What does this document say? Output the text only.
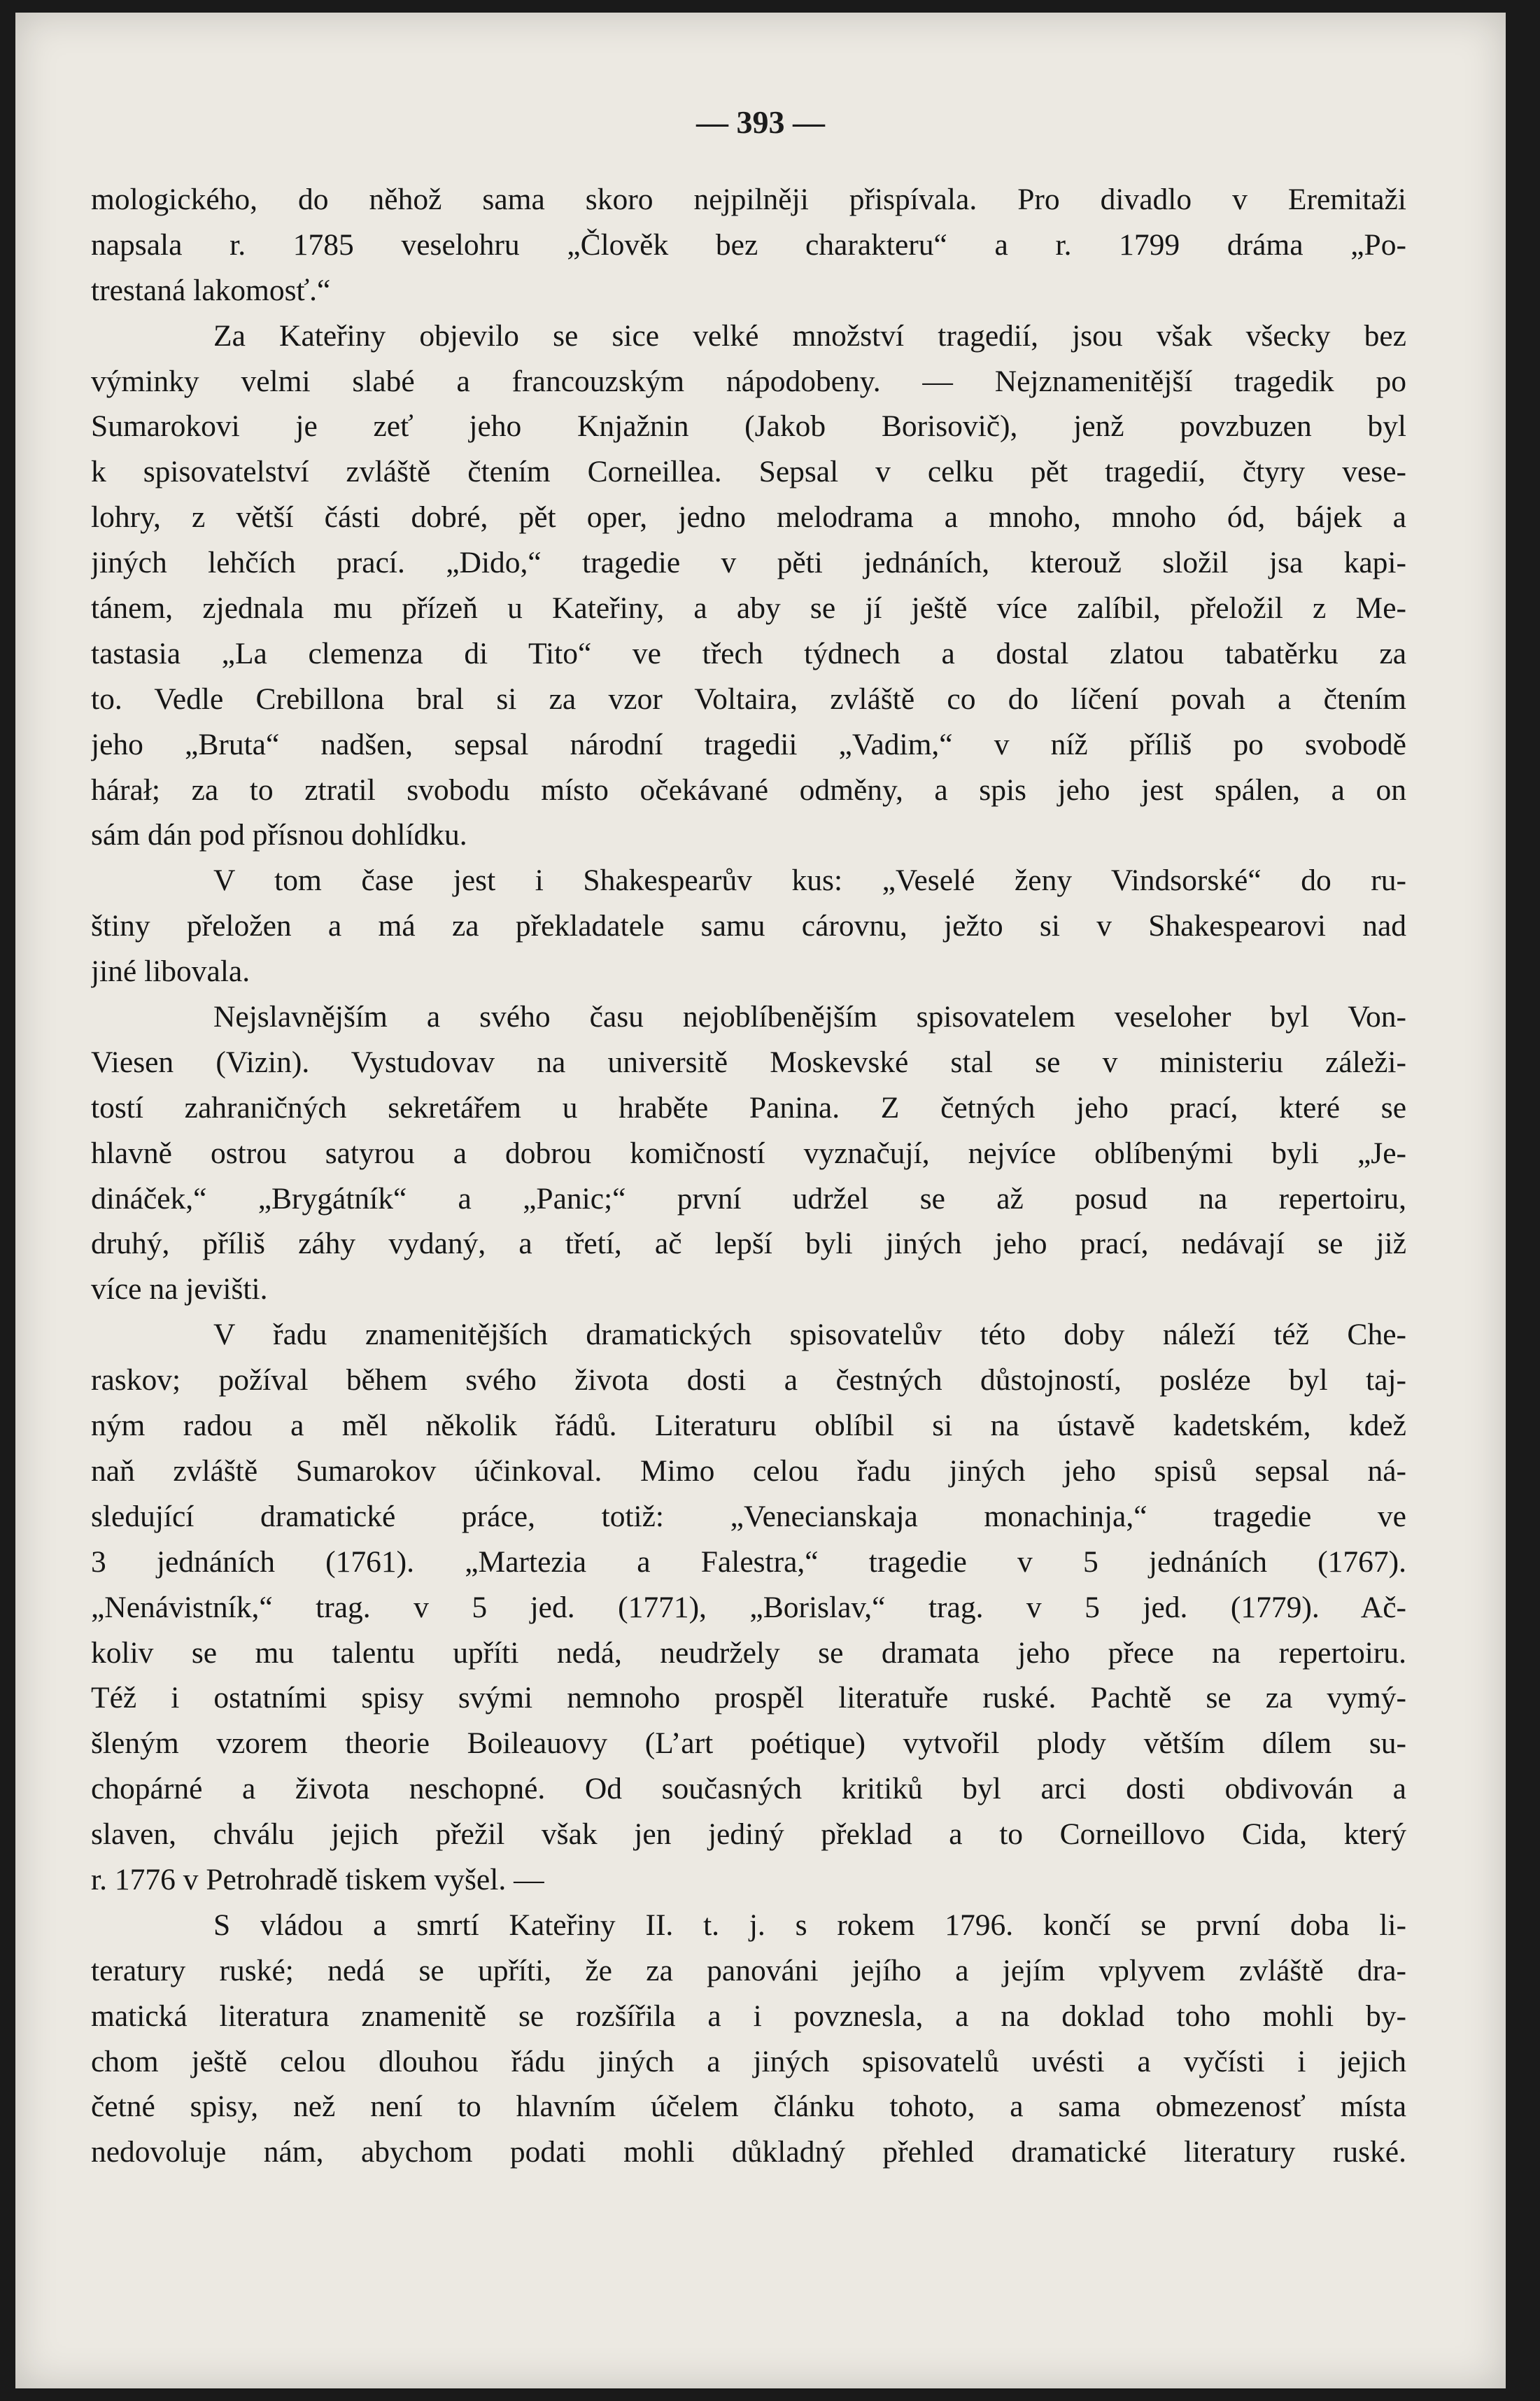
— 393 —
mologického, do něhož sama skoro nejpilněji přispívala. Pro divadlo v Eremitaži
napsala r. 1785 veselohru „Člověk bez charakteru“ a r. 1799 dráma „Po-
trestaná lakomosť.“
Za Kateřiny objevilo se sice velké množství tragedií, jsou však všecky bez
výminky velmi slabé a francouzským nápodobeny. — Nejznamenitější tragedik po
Sumarokovi je zeť jeho Knjažnin (Jakob Borisovič), jenž povzbuzen byl
k spisovatelství zvláště čtením Corneillea. Sepsal v celku pět tragedií, čtyry vese-
lohry, z větší části dobré, pět oper, jedno melodrama a mnoho, mnoho ód, bájek a
jiných lehčích prací. „Dido,“ tragedie v pěti jednáních, kterouž složil jsa kapi-
tánem, zjednala mu přízeň u Kateřiny, a aby se jí ještě více zalíbil, přeložil z Me-
tastasia „La clemenza di Tito“ ve třech týdnech a dostal zlatou tabatěrku za
to. Vedle Crebillona bral si za vzor Voltaira, zvláště co do líčení povah a čtením
jeho „Bruta“ nadšen, sepsal národní tragedii „Vadim,“ v níž příliš po svobodě
hárał; za to ztratil svobodu místo očekávané odměny, a spis jeho jest spálen, a on
sám dán pod přísnou dohlídku.
V tom čase jest i Shakespearův kus: „Veselé ženy Vindsorské“ do ru-
štiny přeložen a má za překladatele samu cárovnu, ježto si v Shakespearovi nad
jiné libovala.
Nejslavnějším a svého času nejoblíbenějším spisovatelem veseloher byl Von-
Viesen (Vizin). Vystudovav na universitě Moskevské stal se v ministeriu záleži-
tostí zahraničných sekretářem u hraběte Panina. Z četných jeho prací, které se
hlavně ostrou satyrou a dobrou komičností vyznačují, nejvíce oblíbenými byli „Je-
dináček,“ „Brygátník“ a „Panic;“ první udržel se až posud na repertoiru,
druhý, příliš záhy vydaný, a třetí, ač lepší byli jiných jeho prací, nedávají se již
více na jevišti.
V řadu znamenitějších dramatických spisovatelův této doby náleží též Che-
raskov; požíval během svého života dosti a čestných důstojností, posléze byl taj-
ným radou a měl několik řádů. Literaturu oblíbil si na ústavě kadetském, kdež
naň zvláště Sumarokov účinkoval. Mimo celou řadu jiných jeho spisů sepsal ná-
sledující dramatické práce, totiž: „Venecianskaja monachinja,“ tragedie ve
3 jednáních (1761). „Martezia a Falestra,“ tragedie v 5 jednáních (1767).
„Nenávistník,“ trag. v 5 jed. (1771), „Borislav,“ trag. v 5 jed. (1779). Ač-
koliv se mu talentu upříti nedá, neudržely se dramata jeho přece na repertoiru.
Též i ostatními spisy svými nemnoho prospěl literatuře ruské. Pachtě se za vymý-
šleným vzorem theorie Boileauovy (L’art poétique) vytvořil plody větším dílem su-
chopárné a života neschopné. Od současných kritiků byl arci dosti obdivován a
slaven, chválu jejich přežil však jen jediný překlad a to Corneillovo Cida, který
r. 1776 v Petrohradě tiskem vyšel. —
S vládou a smrtí Kateřiny II. t. j. s rokem 1796. končí se první doba li-
teratury ruské; nedá se upříti, že za panováni jejího a jejím vplyvem zvláště dra-
matická literatura znamenitě se rozšířila a i povznesla, a na doklad toho mohli by-
chom ještě celou dlouhou řádu jiných a jiných spisovatelů uvésti a vyčísti i jejich
četné spisy, než není to hlavním účelem článku tohoto, a sama obmezenosť místa
nedovoluje nám, abychom podati mohli důkladný přehled dramatické literatury ruské.
